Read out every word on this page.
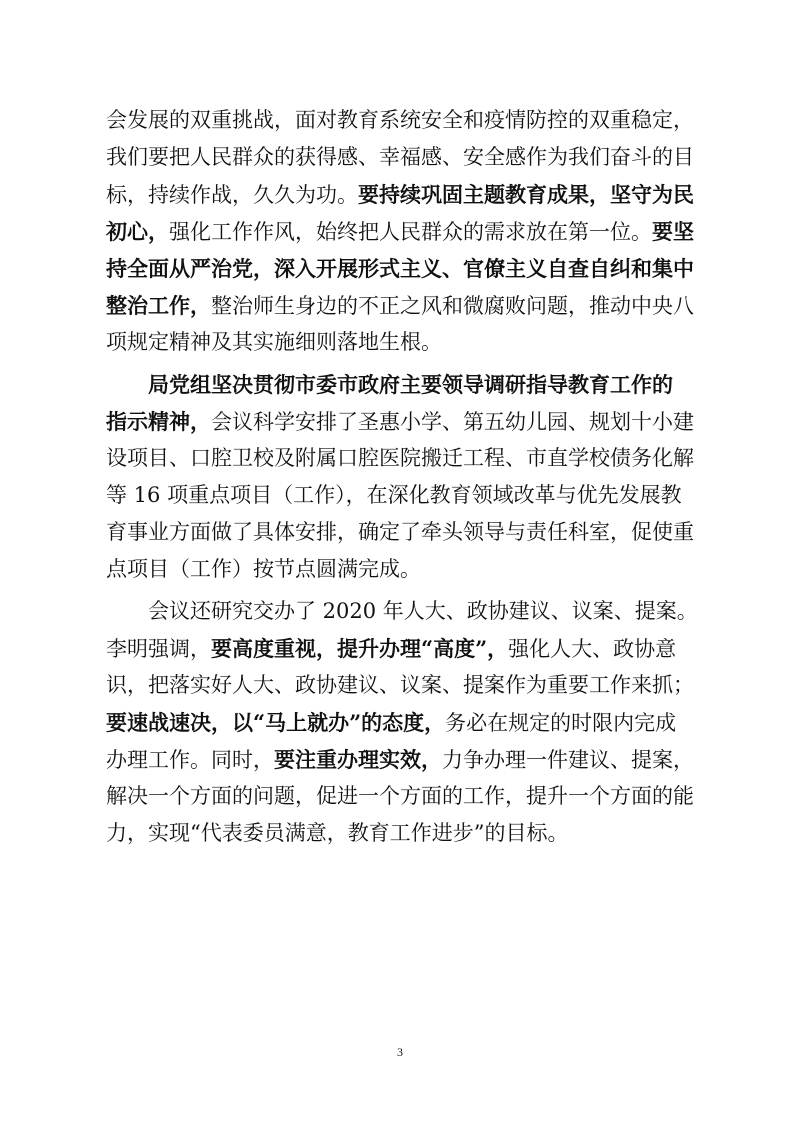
会发展的双重挑战，面对教育系统安全和疫情防控的双重稳定，
我们要把人民群众的获得感、幸福感、安全感作为我们奋斗的目
标，持续作战，久久为功。要持续巩固主题教育成果，坚守为民
初心，强化工作作风，始终把人民群众的需求放在第一位。要坚
持全面从严治党，深入开展形式主义、官僚主义自查自纠和集中
整治工作，整治师生身边的不正之风和微腐败问题，推动中央八
项规定精神及其实施细则落地生根。
局党组坚决贯彻市委市政府主要领导调研指导教育工作的
指示精神，会议科学安排了圣惠小学、第五幼儿园、规划十小建
设项目、口腔卫校及附属口腔医院搬迁工程、市直学校债务化解
等 16 项重点项目（工作），在深化教育领域改革与优先发展教
育事业方面做了具体安排，确定了牵头领导与责任科室，促使重
点项目（工作）按节点圆满完成。
会议还研究交办了 2020 年人大、政协建议、议案、提案。
李明强调，要高度重视，提升办理“高度”，强化人大、政协意
识，把落实好人大、政协建议、议案、提案作为重要工作来抓；
要速战速决，以“马上就办”的态度，务必在规定的时限内完成
办理工作。同时，要注重办理实效，力争办理一件建议、提案，
解决一个方面的问题，促进一个方面的工作，提升一个方面的能
力，实现“代表委员满意，教育工作进步”的目标。
3
